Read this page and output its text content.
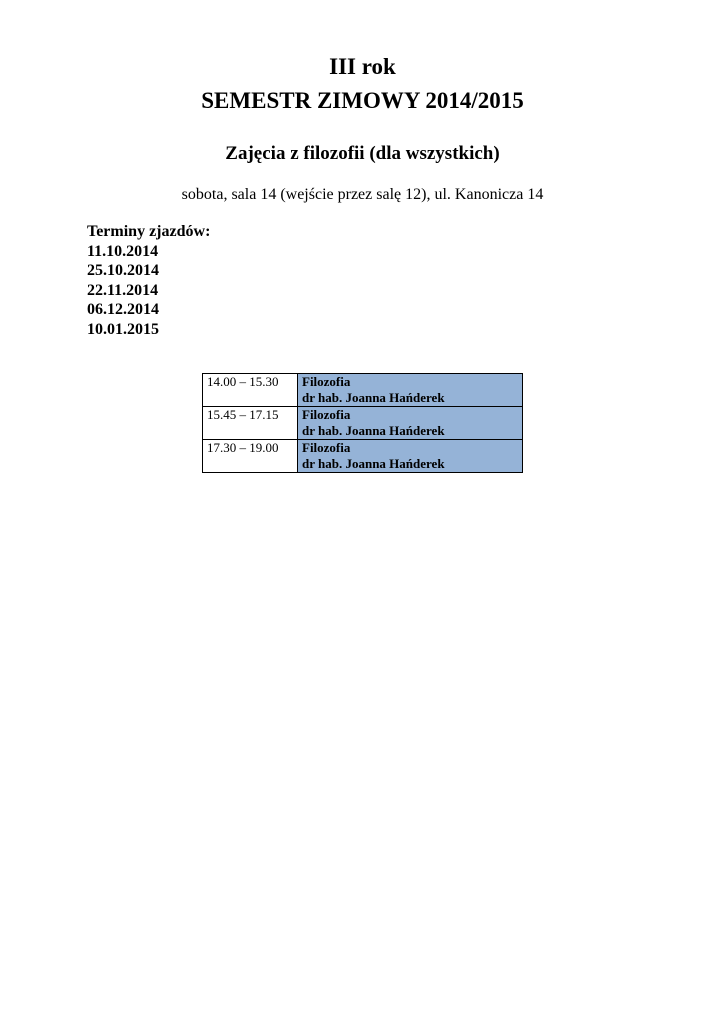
III rok
SEMESTR ZIMOWY 2014/2015
Zajęcia z filozofii (dla wszystkich)
sobota, sala 14 (wejście przez salę 12), ul. Kanonicza 14
Terminy zjazdów:
11.10.2014
25.10.2014
22.11.2014
06.12.2014
10.01.2015
14.00 – 15.30	Filozofia
dr hab. Joanna Hańderek

15.45 – 17.15	Filozofia
dr hab. Joanna Hańderek

17.30 – 19.00	Filozofia
dr hab. Joanna Hańderek
